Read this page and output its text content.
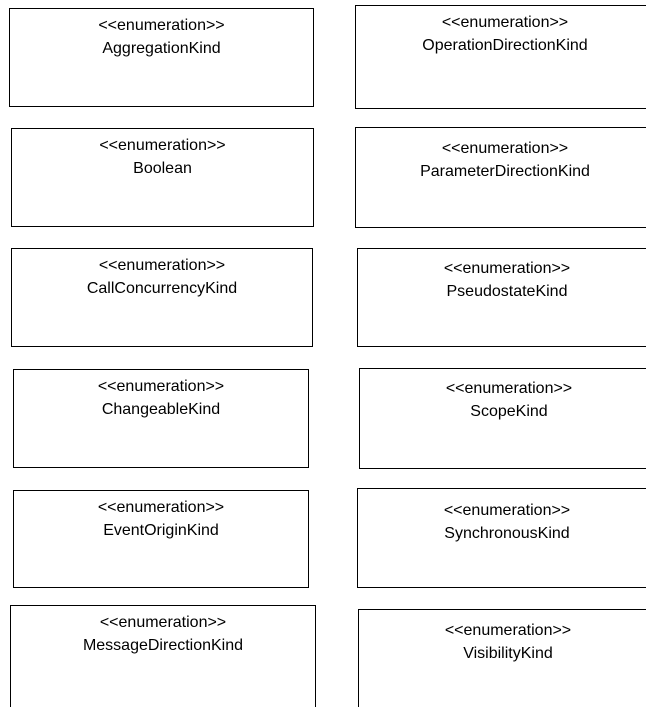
<<enumeration>>
AggregationKind
<<enumeration>>
Boolean
<<enumeration>>
CallConcurrencyKind
<<enumeration>>
ChangeableKind
<<enumeration>>
EventOriginKind
<<enumeration>>
MessageDirectionKind
<<enumeration>>
OperationDirectionKind
<<enumeration>>
ParameterDirectionKind
<<enumeration>>
PseudostateKind
<<enumeration>>
ScopeKind
<<enumeration>>
SynchronousKind
<<enumeration>>
VisibilityKind
